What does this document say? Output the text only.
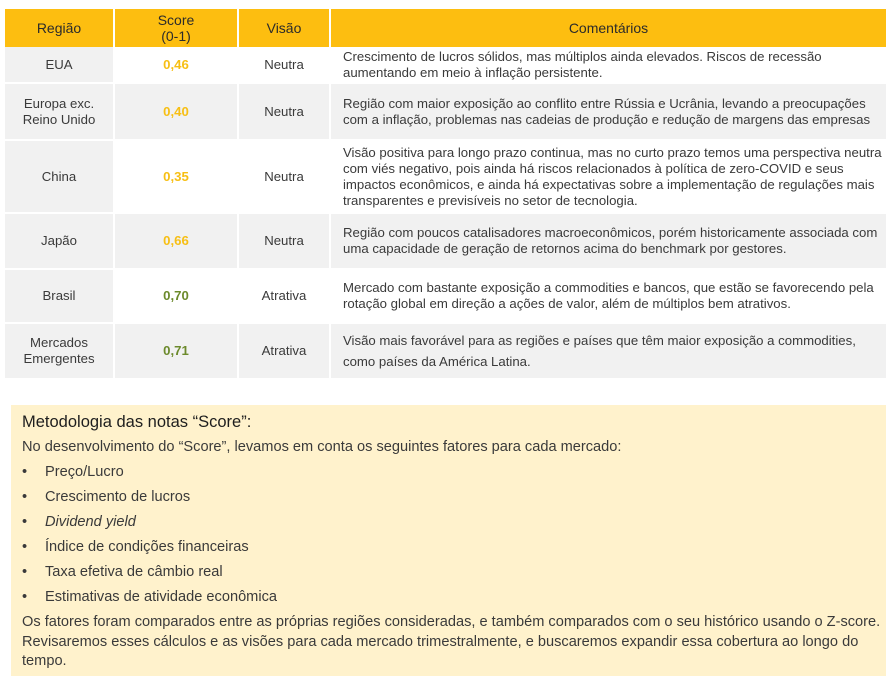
Região	Score (0-1)	Visão	Comentários
EUA	0,46	Neutra	Crescimento de lucros sólidos, mas múltiplos ainda elevados. Riscos de recessão aumentando em meio à inflação persistente.
Europa exc. Reino Unido	0,40	Neutra	Região com maior exposição ao conflito entre Rússia e Ucrânia, levando a preocupações com a inflação, problemas nas cadeias de produção e redução de margens das empresas
China	0,35	Neutra	Visão positiva para longo prazo continua, mas no curto prazo temos uma perspectiva neutra com viés negativo, pois ainda há riscos relacionados à política de zero-COVID e seus impactos econômicos, e ainda há expectativas sobre a implementação de regulações mais transparentes e previsíveis no setor de tecnologia.
Japão	0,66	Neutra	Região com poucos catalisadores macroeconômicos, porém historicamente associada com uma capacidade de geração de retornos acima do benchmark por gestores.
Brasil	0,70	Atrativa	Mercado com bastante exposição a commodities e bancos, que estão se favorecendo pela rotação global em direção a ações de valor, além de múltiplos bem atrativos.
Mercados Emergentes	0,71	Atrativa	Visão mais favorável para as regiões e países que têm maior exposição a commodities, como países da América Latina.
Metodologia das notas “Score”:

No desenvolvimento do “Score”, levamos em conta os seguintes fatores para cada mercado:

• Preço/Lucro
• Crescimento de lucros
• Dividend yield
• Índice de condições financeiras
• Taxa efetiva de câmbio real
• Estimativas de atividade econômica

Os fatores foram comparados entre as próprias regiões consideradas, e também comparados com o seu histórico usando o Z-score. Revisaremos esses cálculos e as visões para cada mercado trimestralmente, e buscaremos expandir essa cobertura ao longo do tempo.
